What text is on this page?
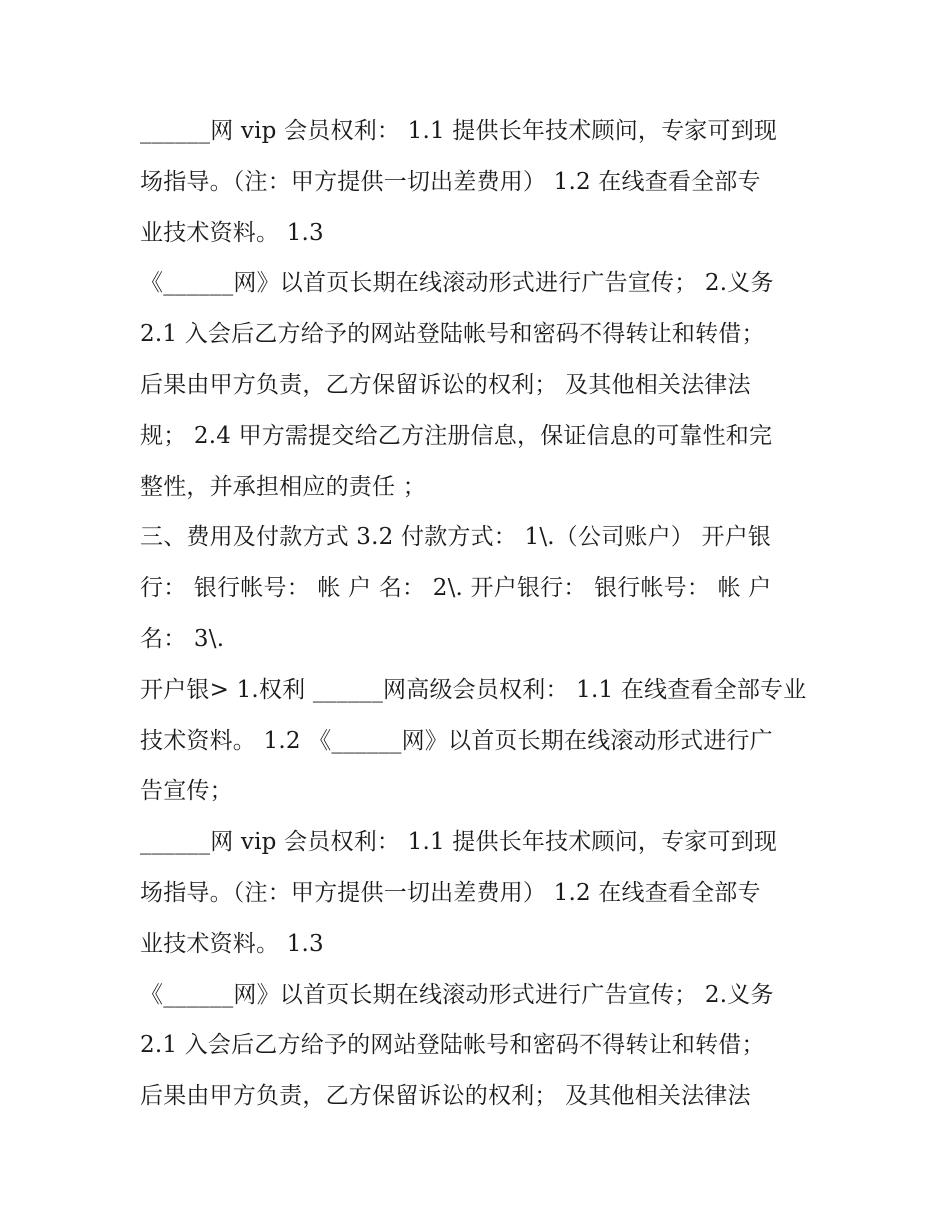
______网 vip 会员权利： 1.1 提供长年技术顾问，专家可到现
场指导。（注：甲方提供一切出差费用） 1.2 在线查看全部专
业技术资料。 1.3
《______网》以首页长期在线滚动形式进行广告宣传； 2.义务
2.1 入会后乙方给予的网站登陆帐号和密码不得转让和转借；
后果由甲方负责，乙方保留诉讼的权利； 及其他相关法律法
规； 2.4 甲方需提交给乙方注册信息，保证信息的可靠性和完
整性，并承担相应的责任 ；
三、费用及付款方式 3.2 付款方式： 1\.（公司账户） 开户银
行： 银行帐号： 帐 户 名： 2\. 开户银行： 银行帐号： 帐 户
名： 3\.
开户银> 1.权利 ______网高级会员权利： 1.1 在线查看全部专业
技术资料。 1.2 《______网》以首页长期在线滚动形式进行广
告宣传；
______网 vip 会员权利： 1.1 提供长年技术顾问，专家可到现
场指导。（注：甲方提供一切出差费用） 1.2 在线查看全部专
业技术资料。 1.3
《______网》以首页长期在线滚动形式进行广告宣传； 2.义务
2.1 入会后乙方给予的网站登陆帐号和密码不得转让和转借；
后果由甲方负责，乙方保留诉讼的权利； 及其他相关法律法
